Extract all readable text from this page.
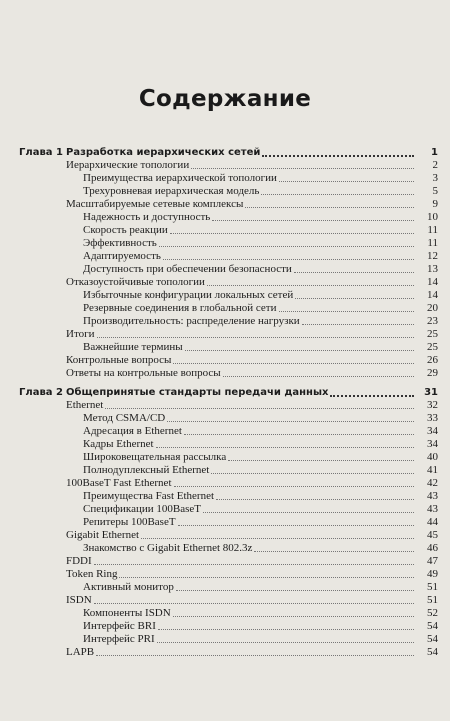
Содержание
Глава 1 Разработка иерархических сетей	1
Иерархические топологии	2
Преимущества иерархической топологии	3
Трехуровневая иерархическая модель	5
Масштабируемые сетевые комплексы	9
Надежность и доступность	10
Скорость реакции	11
Эффективность	11
Адаптируемость	12
Доступность при обеспечении безопасности	13
Отказоустойчивые топологии	14
Избыточные конфигурации локальных сетей	14
Резервные соединения в глобальной сети	20
Производительность: распределение нагрузки	23
Итоги	25
Важнейшие термины	25
Контрольные вопросы	26
Ответы на контрольные вопросы	29
Глава 2 Общепринятые стандарты передачи данных	31
Ethernet	32
Метод CSMA/CD	33
Адресация в Ethernet	34
Кадры Ethernet	34
Широковещательная рассылка	40
Полнодуплексный Ethernet	41
100BaseT Fast Ethernet	42
Преимущества Fast Ethernet	43
Спецификации 100BaseT	43
Репитеры 100BaseT	44
Gigabit Ethernet	45
Знакомство с Gigabit Ethernet 802.3z	46
FDDI	47
Token Ring	49
Активный монитор	51
ISDN	51
Компоненты ISDN	52
Интерфейс BRI	54
Интерфейс PRI	54
LAPB	54
